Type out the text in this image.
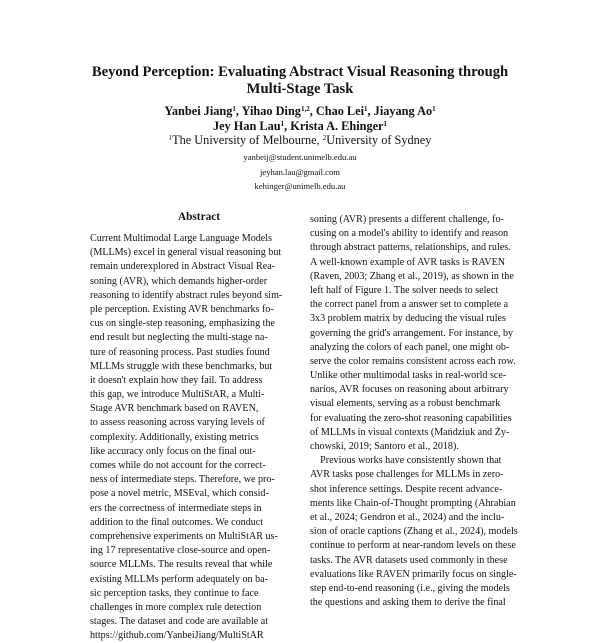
Beyond Perception: Evaluating Abstract Visual Reasoning through
Multi-Stage Task
Yanbei Jiang$^1$, Yihao Ding$^{1,2}$, Chao Lei$^1$, Jiayang Ao$^1$
Jey Han Lau$^1$, Krista A. Ehinger$^1$
$^1$The University of Melbourne, $^2$University of Sydney
yanbeij@student.unimelb.edu.au
jeyhan.lau@gmail.com
kehinger@unimelb.edu.au
Abstract
Current Multimodal Large Language Models
(MLLMs) excel in general visual reasoning but
remain underexplored in Abstract Visual Rea-
soning (AVR), which demands higher-order
reasoning to identify abstract rules beyond sim-
ple perception. Existing AVR benchmarks fo-
cus on single-step reasoning, emphasizing the
end result but neglecting the multi-stage na-
ture of reasoning process. Past studies found
MLLMs struggle with these benchmarks, but
it doesn't explain how they fail. To address
this gap, we introduce MultiStAR, a Multi-
Stage AVR benchmark based on RAVEN,
to assess reasoning across varying levels of
complexity. Additionally, existing metrics
like accuracy only focus on the final out-
comes while do not account for the correct-
ness of intermediate steps. Therefore, we pro-
pose a novel metric, MSEval, which consid-
ers the correctness of intermediate steps in
addition to the final outcomes. We conduct
comprehensive experiments on MultiStAR us-
ing 17 representative close-source and open-
source MLLMs. The results reveal that while
existing MLLMs perform adequately on ba-
sic perception tasks, they continue to face
challenges in more complex rule detection
stages. The dataset and code are available at
https://github.com/YanbeiJiang/MultiStAR
soning (AVR) presents a different challenge, fo-
cusing on a model's ability to identify and reason
through abstract patterns, relationships, and rules.
A well-known example of AVR tasks is RAVEN
(Raven, 2003; Zhang et al., 2019), as shown in the
left half of Figure 1. The solver needs to select
the correct panel from a answer set to complete a
3x3 problem matrix by deducing the visual rules
governing the grid's arrangement. For instance, by
analyzing the colors of each panel, one might ob-
serve the color remains consistent across each row.
Unlike other multimodal tasks in real-world sce-
narios, AVR focuses on reasoning about arbitrary
visual elements, serving as a robust benchmark
for evaluating the zero-shot reasoning capabilities
of MLLMs in visual contexts (Mańdziuk and Ży-
chowski, 2019; Santoro et al., 2018).
Previous works have consistently shown that
AVR tasks pose challenges for MLLMs in zero-
shot inference settings. Despite recent advance-
ments like Chain-of-Thought prompting (Ahrabian
et al., 2024; Gendron et al., 2024) and the inclu-
sion of oracle captions (Zhang et al., 2024), models
continue to perform at near-random levels on these
tasks. The AVR datasets used commonly in these
evaluations like RAVEN primarily focus on single-
step end-to-end reasoning (i.e., giving the models
the questions and asking them to derive the final
